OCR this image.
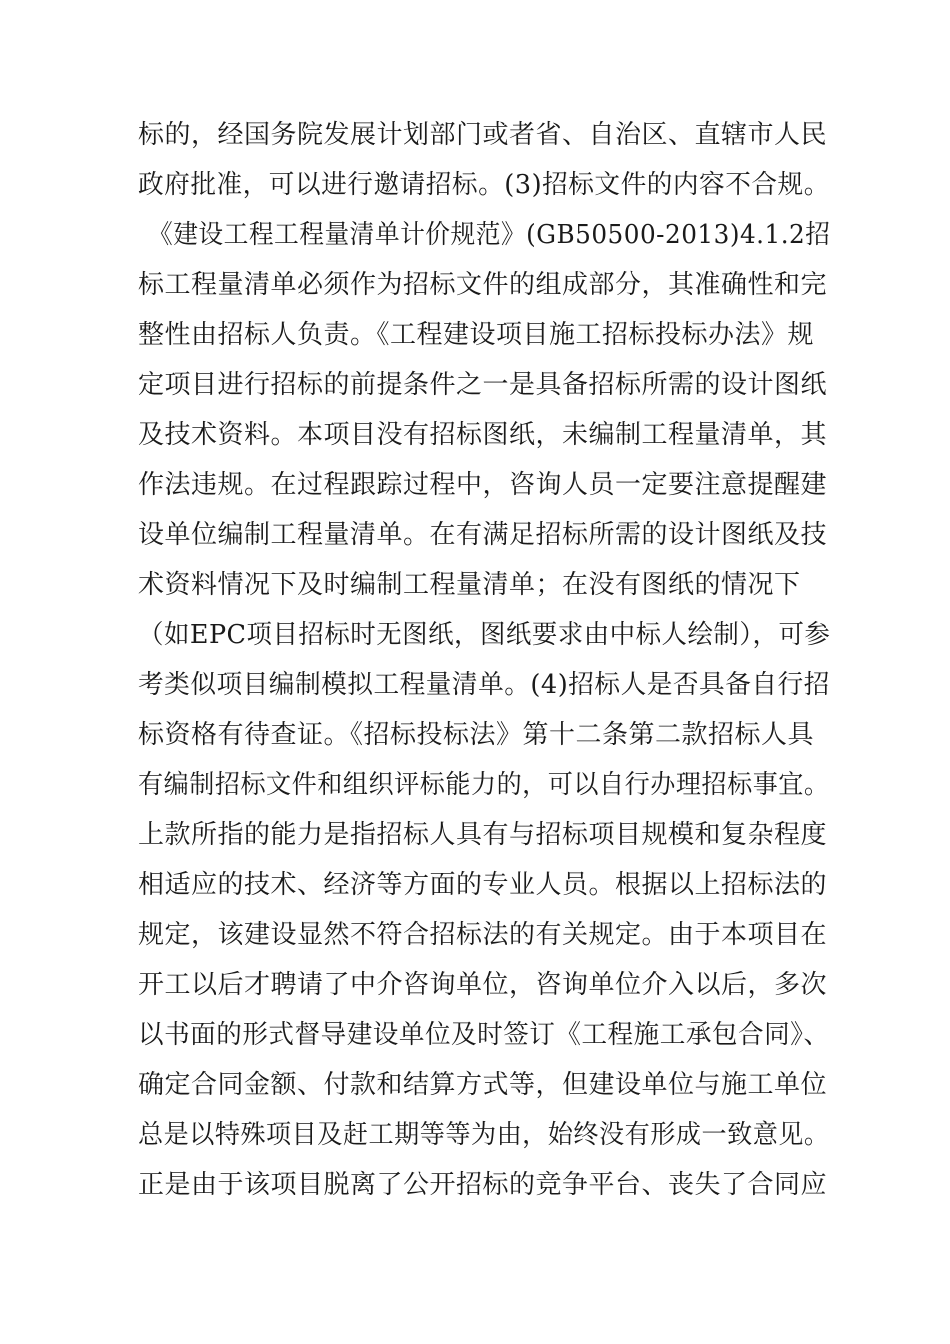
标的，经国务院发展计划部门或者省、自治区、直辖市人民
政府批准，可以进行邀请招标。(3)招标文件的内容不合规。
《建设工程工程量清单计价规范》(GB50500-2013)4.1.2招
标工程量清单必须作为招标文件的组成部分，其准确性和完
整性由招标人负责。《工程建设项目施工招标投标办法》规
定项目进行招标的前提条件之一是具备招标所需的设计图纸
及技术资料。本项目没有招标图纸，未编制工程量清单，其
作法违规。在过程跟踪过程中，咨询人员一定要注意提醒建
设单位编制工程量清单。在有满足招标所需的设计图纸及技
术资料情况下及时编制工程量清单；在没有图纸的情况下
（如EPC项目招标时无图纸，图纸要求由中标人绘制），可参
考类似项目编制模拟工程量清单。(4)招标人是否具备自行招
标资格有待查证。《招标投标法》第十二条第二款招标人具
有编制招标文件和组织评标能力的，可以自行办理招标事宜。
上款所指的能力是指招标人具有与招标项目规模和复杂程度
相适应的技术、经济等方面的专业人员。根据以上招标法的
规定，该建设显然不符合招标法的有关规定。由于本项目在
开工以后才聘请了中介咨询单位，咨询单位介入以后，多次
以书面的形式督导建设单位及时签订《工程施工承包合同》、
确定合同金额、付款和结算方式等，但建设单位与施工单位
总是以特殊项目及赶工期等等为由，始终没有形成一致意见。
正是由于该项目脱离了公开招标的竞争平台、丧失了合同应
